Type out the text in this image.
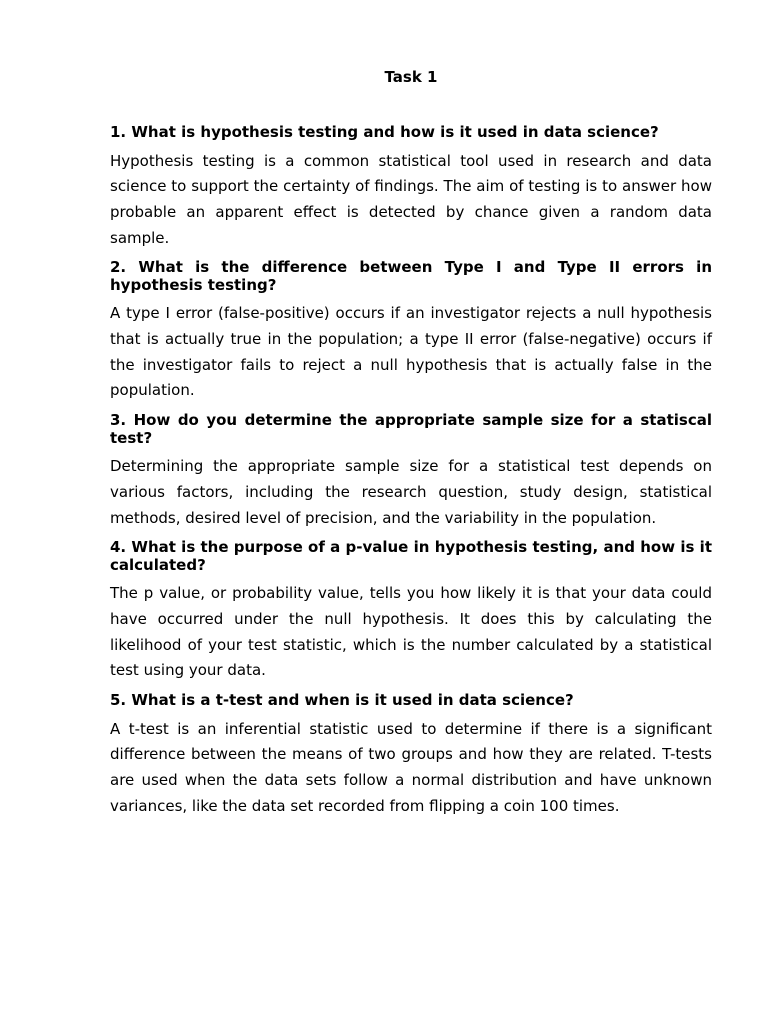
Task 1

1. What is hypothesis testing and how is it used in data science?

Hypothesis testing is a common statistical tool used in research and data science to support the certainty of findings. The aim of testing is to answer how probable an apparent effect is detected by chance given a random data sample.

2. What is the difference between Type I and Type II errors in hypothesis testing?

A type I error (false-positive) occurs if an investigator rejects a null hypothesis that is actually true in the population; a type II error (false-negative) occurs if the investigator fails to reject a null hypothesis that is actually false in the population.

3. How do you determine the appropriate sample size for a statiscal test?

Determining the appropriate sample size for a statistical test depends on various factors, including the research question, study design, statistical methods, desired level of precision, and the variability in the population.

4. What is the purpose of a p-value in hypothesis testing, and how is it calculated?

The p value, or probability value, tells you how likely it is that your data could have occurred under the null hypothesis. It does this by calculating the likelihood of your test statistic, which is the number calculated by a statistical test using your data.

5. What is a t-test and when is it used in data science?

A t-test is an inferential statistic used to determine if there is a significant difference between the means of two groups and how they are related. T-tests are used when the data sets follow a normal distribution and have unknown variances, like the data set recorded from flipping a coin 100 times.
